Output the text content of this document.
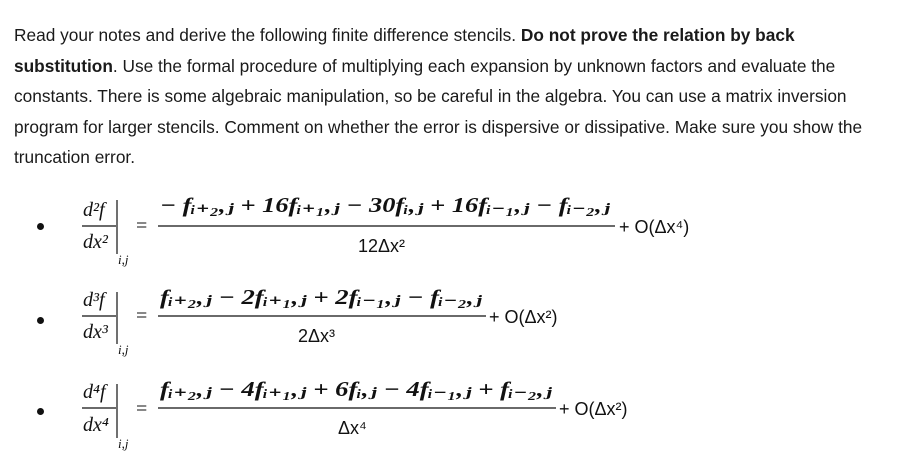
Read your notes and derive the following finite difference stencils. Do not prove the relation by back substitution. Use the formal procedure of multiplying each expansion by unknown factors and evaluate the constants. There is some algebraic manipulation, so be careful in the algebra. You can use a matrix inversion program for larger stencils. Comment on whether the error is dispersive or dissipative. Make sure you show the truncation error.

d²f
dx²
i,j
=
− fᵢ₊₂,ⱼ + 16fᵢ₊₁,ⱼ − 30fᵢ,ⱼ + 16fᵢ₋₁,ⱼ − fᵢ₋₂,ⱼ
12Δx²
+ O(Δx⁴)
d³f
dx³
i,j
=
fᵢ₊₂,ⱼ − 2fᵢ₊₁,ⱼ + 2fᵢ₋₁,ⱼ − fᵢ₋₂,ⱼ
2Δx³
+ O(Δx²)
d⁴f
dx⁴
i,j
=
fᵢ₊₂,ⱼ − 4fᵢ₊₁,ⱼ + 6fᵢ,ⱼ − 4fᵢ₋₁,ⱼ + fᵢ₋₂,ⱼ
Δx⁴
+ O(Δx²)
